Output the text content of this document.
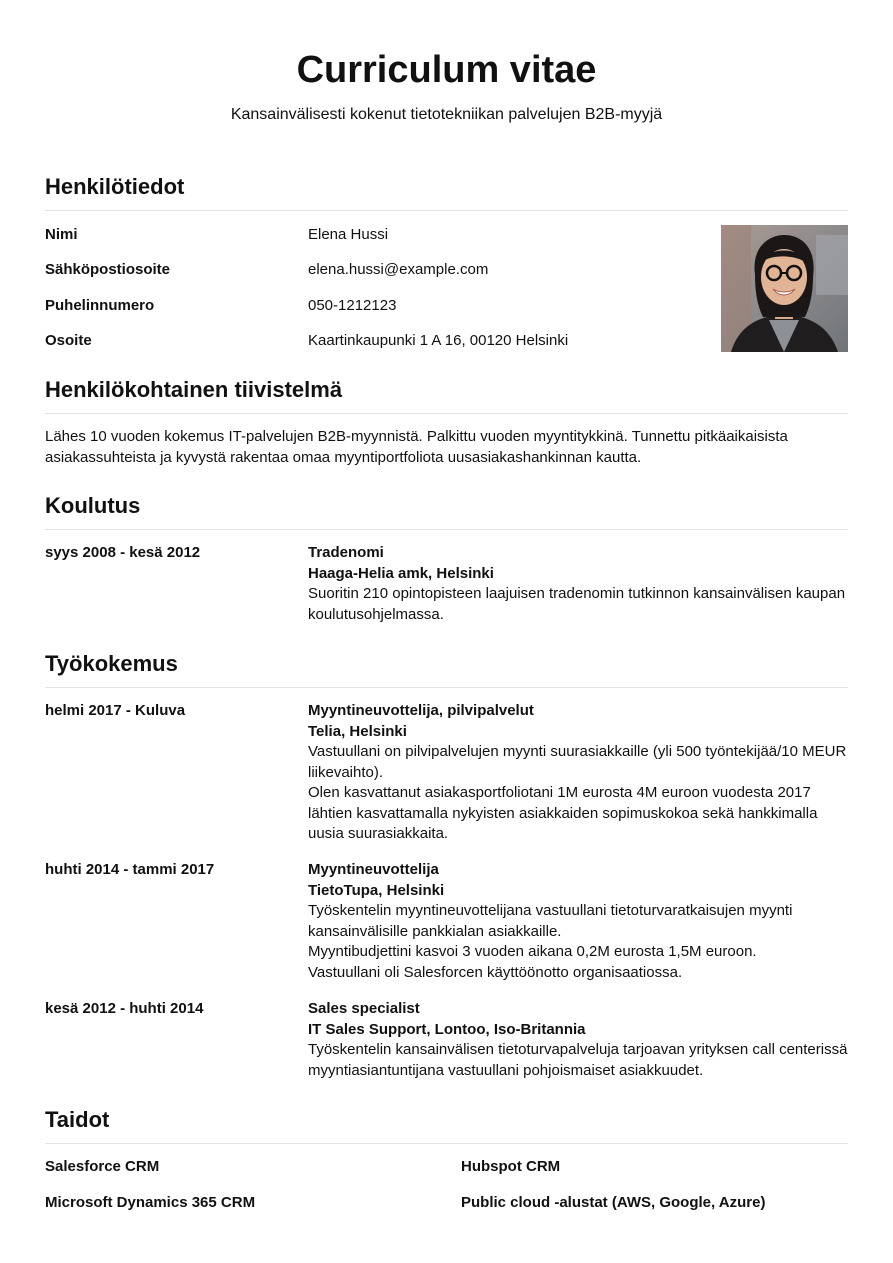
Curriculum vitae
Kansainvälisesti kokenut tietotekniikan palvelujen B2B-myyjä
Henkilötiedot
Nimi	Elena Hussi
Sähköpostiosoite	elena.hussi@example.com
Puhelinnumero	050-1212123
Osoite	Kaartinkaupunki 1 A 16, 00120 Helsinki
Henkilökohtainen tiivistelmä
Lähes 10 vuoden kokemus IT-palvelujen B2B-myynnistä. Palkittu vuoden myyntitykkinä. Tunnettu pitkäaikaisista asiakassuhteista ja kyvystä rakentaa omaa myyntiportfoliota uusasiakashankinnan kautta.
Koulutus
syys 2008 - kesä 2012	Tradenomi
Haaga-Helia amk, Helsinki

Suoritin 210 opintopisteen laajuisen tradenomin tutkinnon kansainvälisen kaupan koulutusohjelmassa.

Työkokemus
helmi 2017 - Kuluva	Myyntineuvottelija, pilvipalvelut
Telia, Helsinki

Vastuullani on pilvipalvelujen myynti suurasiakkaille (yli 500 työntekijää/10 MEUR liikevaihto).

Olen kasvattanut asiakasportfoliotani 1M eurosta 4M euroon vuodesta 2017 lähtien kasvattamalla nykyisten asiakkaiden sopimuskokoa sekä hankkimalla uusia suurasiakkaita.

huhti 2014 - tammi 2017	Myyntineuvottelija
TietoTupa, Helsinki

Työskentelin myyntineuvottelijana vastuullani tietoturvaratkaisujen myynti kansainvälisille pankkialan asiakkaille.

Myyntibudjettini kasvoi 3 vuoden aikana 0,2M eurosta 1,5M euroon.

Vastuullani oli Salesforcen käyttöönotto organisaatiossa.

kesä 2012 - huhti 2014	Sales specialist
IT Sales Support, Lontoo, Iso-Britannia

Työskentelin kansainvälisen tietoturvapalveluja tarjoavan yrityksen call centerissä myyntiasiantuntijana vastuullani pohjoismaiset asiakkuudet.

Taidot
Salesforce CRM	Hubspot CRM
Microsoft Dynamics 365 CRM	Public cloud -alustat (AWS, Google, Azure)
